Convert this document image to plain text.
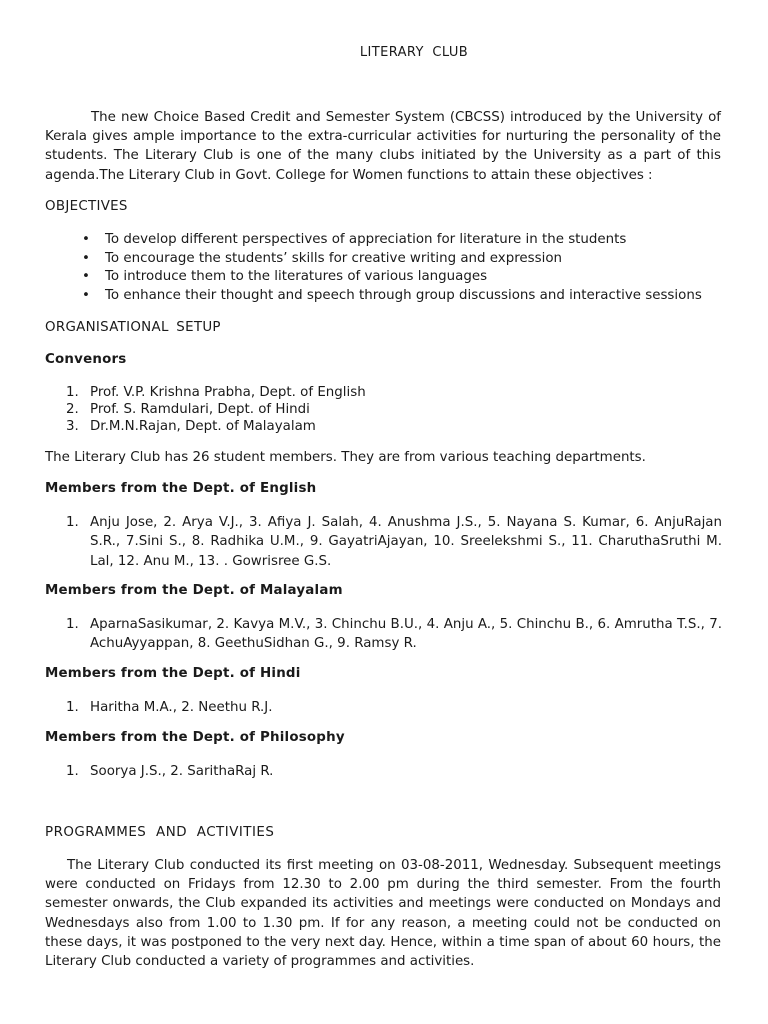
LITERARY CLUB

The new Choice Based Credit and Semester System (CBCSS) introduced by the University of Kerala gives ample importance to the extra-curricular activities for nurturing the personality of the students. The Literary Club is one of the many clubs initiated by the University as a part of this agenda.The Literary Club in Govt. College for Women functions to attain these objectives :

OBJECTIVES
• To develop different perspectives of appreciation for literature in the students
• To encourage the students’ skills for creative writing and expression
• To introduce them to the literatures of various languages
• To enhance their thought and speech through group discussions and interactive sessions
ORGANISATIONAL SETUP
Convenors
1. Prof. V.P. Krishna Prabha, Dept. of English
2. Prof. S. Ramdulari, Dept. of Hindi
3. Dr.M.N.Rajan, Dept. of Malayalam
The Literary Club has 26 student members. They are from various teaching departments.
Members from the Dept. of English
1. Anju Jose, 2. Arya V.J., 3. Afiya J. Salah, 4. Anushma J.S., 5. Nayana S. Kumar, 6. AnjuRajan S.R., 7.Sini S., 8. Radhika U.M., 9. GayatriAjayan, 10. Sreelekshmi S., 11. CharuthaSruthi M. Lal, 12. Anu M., 13. . Gowrisree G.S.
Members from the Dept. of Malayalam
1. AparnaSasikumar, 2. Kavya M.V., 3. Chinchu B.U., 4. Anju A., 5. Chinchu B., 6. Amrutha T.S., 7. AchuAyyappan, 8. GeethuSidhan G., 9. Ramsy R.
Members from the Dept. of Hindi
1. Haritha M.A., 2. Neethu R.J.
Members from the Dept. of Philosophy
1. Soorya J.S., 2. SarithaRaj R.
PROGRAMMES AND ACTIVITIES

The Literary Club conducted its first meeting on 03-08-2011, Wednesday. Subsequent meetings were conducted on Fridays from 12.30 to 2.00 pm during the third semester. From the fourth semester onwards, the Club expanded its activities and meetings were conducted on Mondays and Wednesdays also from 1.00 to 1.30 pm. If for any reason, a meeting could not be conducted on these days, it was postponed to the very next day. Hence, within a time span of about 60 hours, the Literary Club conducted a variety of programmes and activities.
